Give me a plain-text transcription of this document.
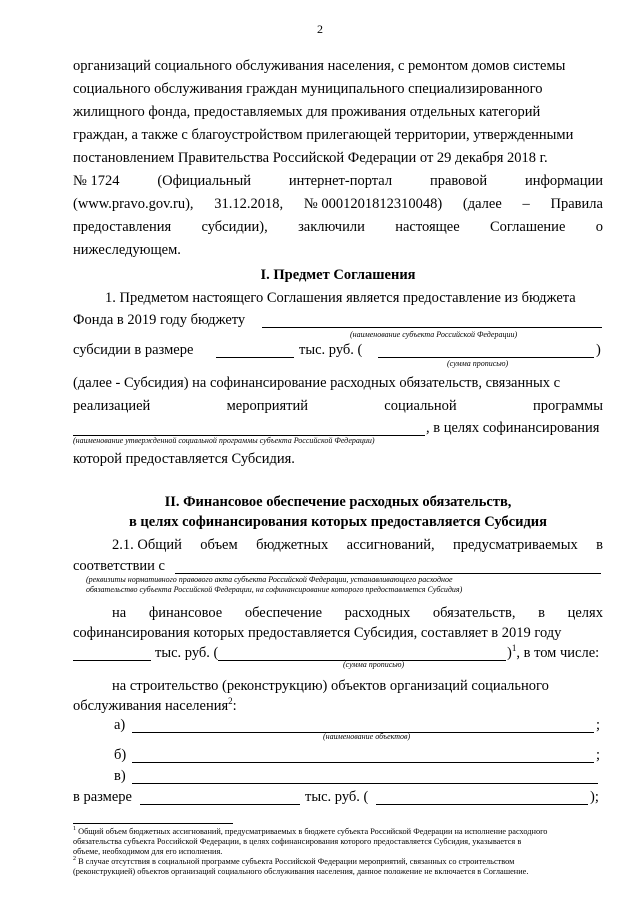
2
организаций социального обслуживания населения, с ремонтом домов системы
социального обслуживания граждан муниципального специализированного
жилищного фонда, предоставляемых для проживания отдельных категорий
граждан, а также с благоустройством прилегающей территории, утвержденными
постановлением Правительства Российской Федерации от 29 декабря 2018 г.
№ 1724	(Официальный	интернет-портал	правовой	информации
(www.pravo.gov.ru), 31.12.2018, № 0001201812310048) (далее – Правила
предоставления субсидии), заключили настоящее Соглашение о
нижеследующем.
I. Предмет Соглашения
1. Предметом настоящего Соглашения является предоставление из бюджета
Фонда в 2019 году бюджету
(наименование субъекта Российской Федерации)
субсидии в размере	тыс. руб. (	)
(сумма прописью)
(далее - Субсидия) на софинансирование расходных обязательств, связанных с
реализацией	мероприятий	социальной	программы
, в целях софинансирования
(наименование утвержденной социальной программы субъекта Российской Федерации)
которой предоставляется Субсидия.
II. Финансовое обеспечение расходных обязательств,
в целях софинансирования которых предоставляется Субсидия
2.1. Общий объем бюджетных ассигнований, предусматриваемых в
соответствии с
(реквизиты нормативного правового акта субъекта Российской Федерации, устанавливающего расходное
обязательство субъекта Российской Федерации, на софинансирование которого предоставляется Субсидия)
на финансовое обеспечение расходных обязательств, в целях
софинансирования которых предоставляется Субсидия, составляет в 2019 году
тыс. руб. (	)$^1$, в том числе:
(сумма прописью)
на строительство (реконструкцию) объектов организаций социального
обслуживания населения$^2$:
а)	;
(наименование объектов)
б)	;
в)
в размере	тыс. руб. (	);
$^1$ Общий объем бюджетных ассигнований, предусматриваемых в бюджете субъекта Российской Федерации на исполнение расходного
обязательства субъекта Российской Федерации, в целях софинансирования которого предоставляется Субсидия, указывается в
объеме, необходимом для его исполнения.
$^2$ В случае отсутствия в социальной программе субъекта Российской Федерации мероприятий, связанных со строительством
(реконструкцией) объектов организаций социального обслуживания населения, данное положение не включается в Соглашение.
